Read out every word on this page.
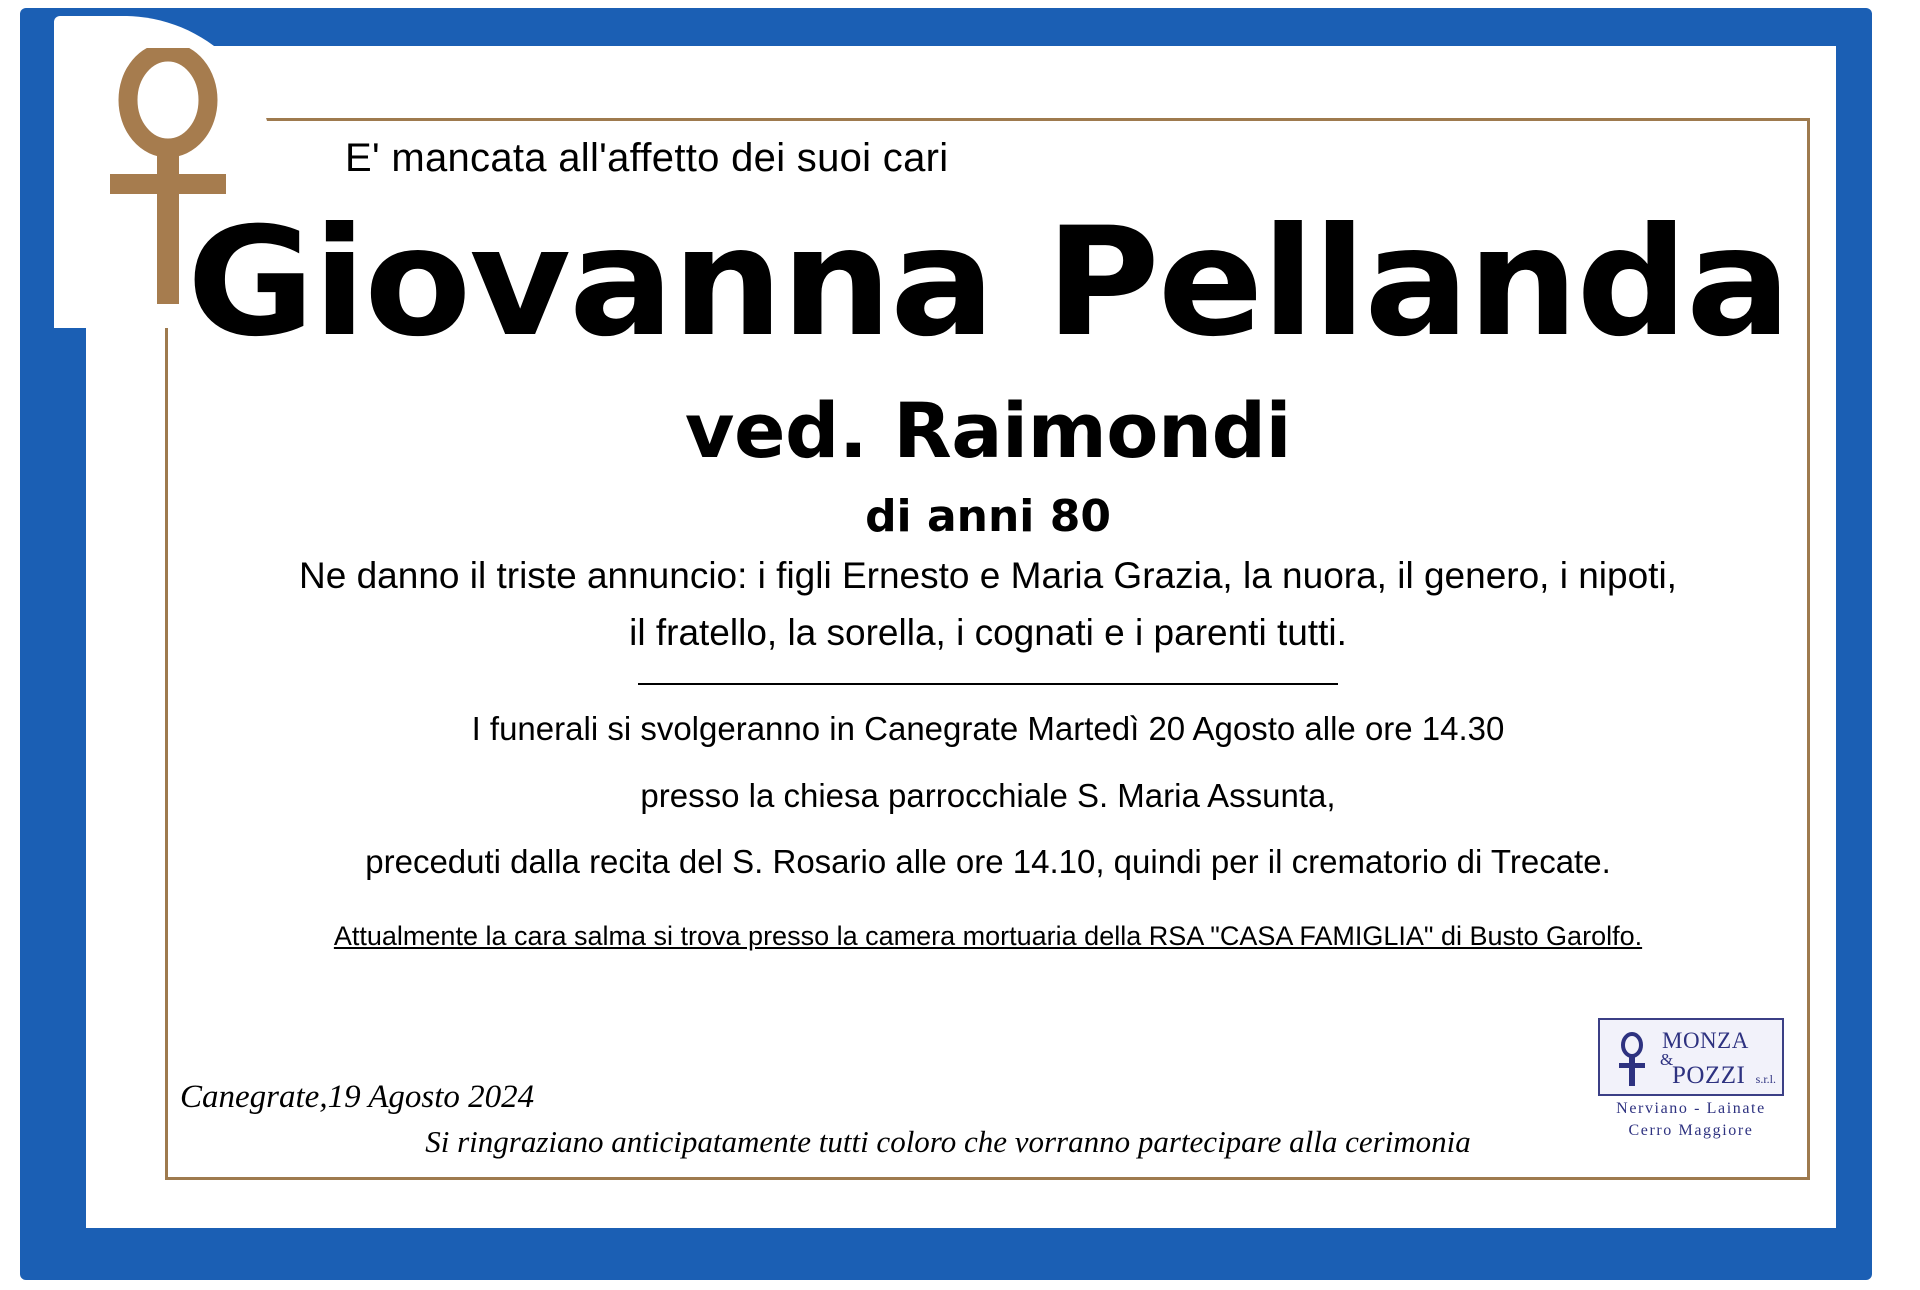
E' mancata all'affetto dei suoi cari
Giovanna Pellanda
ved. Raimondi
di anni 80
Ne danno il triste annuncio: i figli Ernesto e Maria Grazia, la nuora, il genero, i nipoti,
il fratello, la sorella, i cognati e i parenti tutti.
I funerali si svolgeranno in Canegrate Martedì 20 Agosto alle ore 14.30
presso la chiesa parrocchiale S. Maria Assunta,
preceduti dalla recita del S. Rosario alle ore 14.10, quindi per il crematorio di Trecate.
Attualmente la cara salma si trova presso la camera mortuaria della RSA "CASA FAMIGLIA" di Busto Garolfo.
Canegrate,19 Agosto 2024
Si ringraziano anticipatamente tutti coloro che vorranno partecipare alla cerimonia
MONZA
&
POZZI s.r.l.
Nerviano - Lainate
Cerro Maggiore
